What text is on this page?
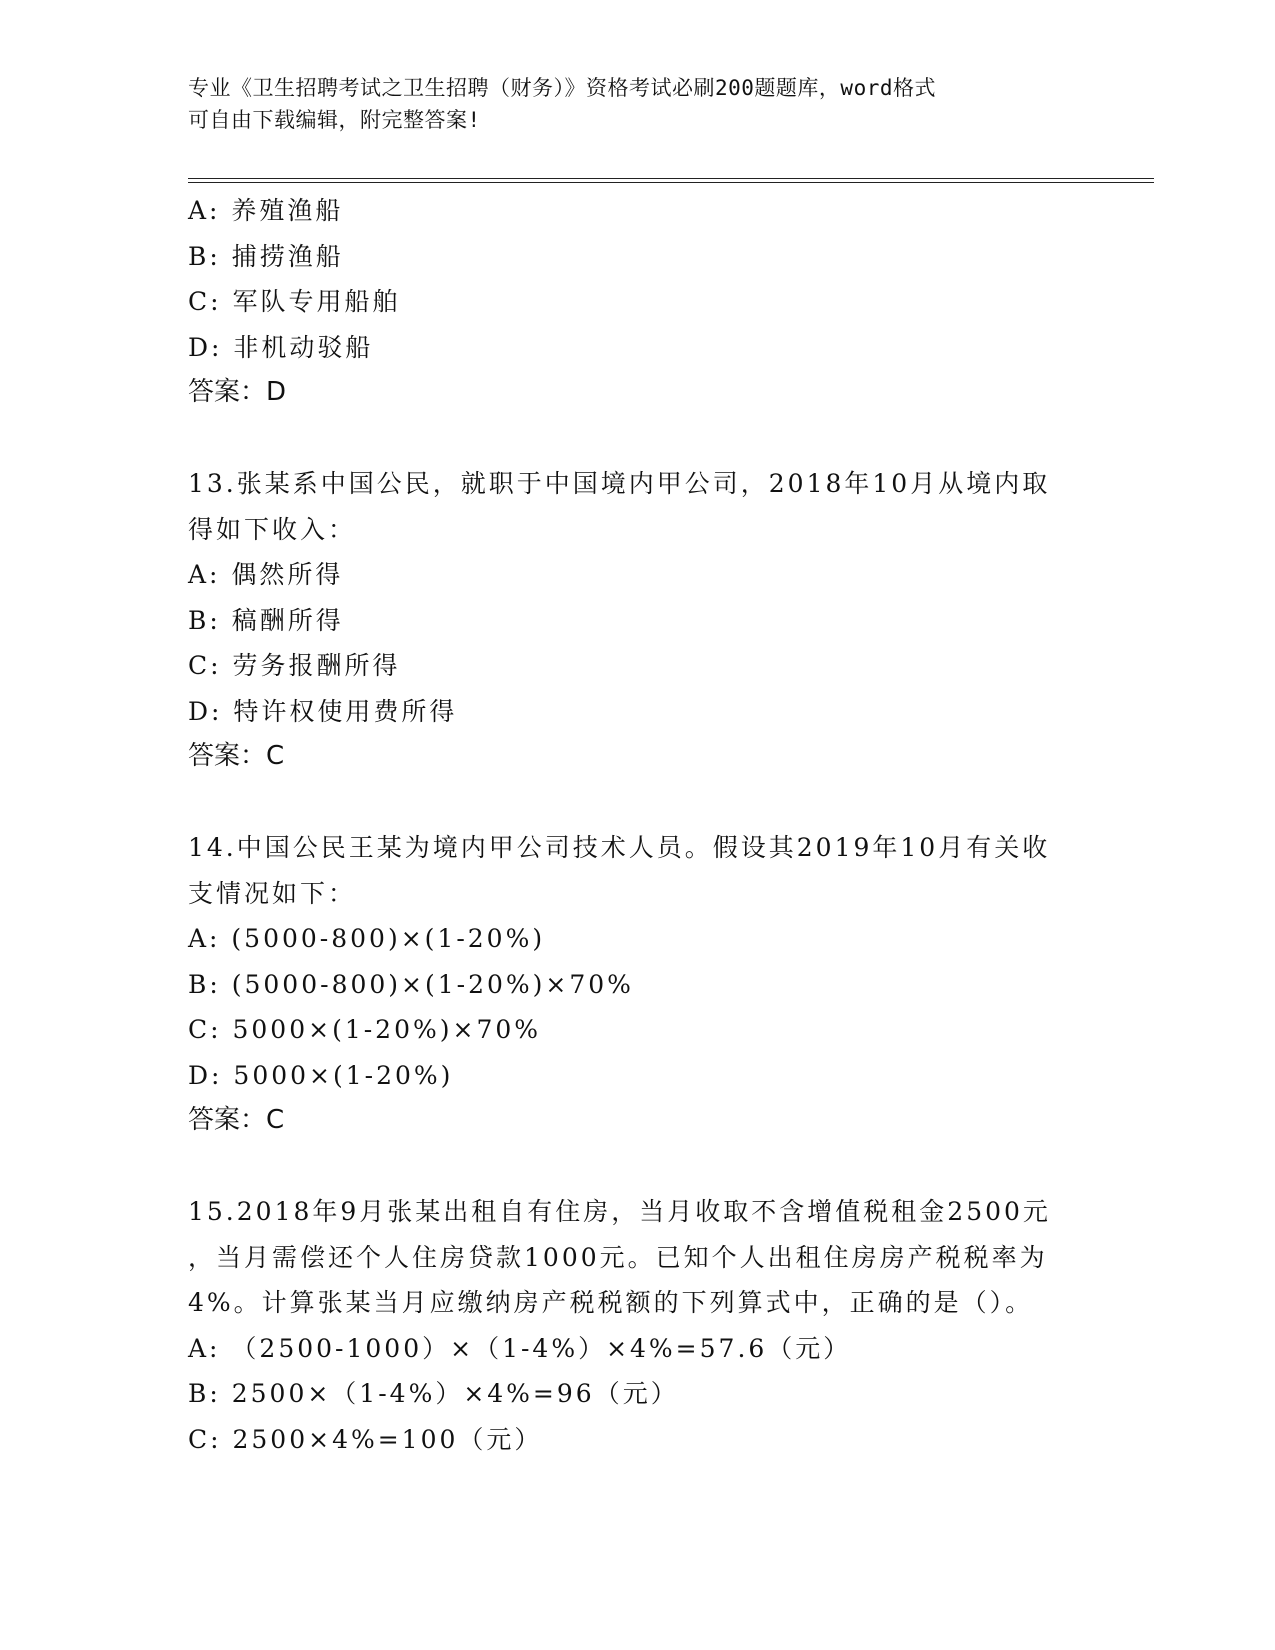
专业《卫生招聘考试之卫生招聘（财务）》资格考试必刷200题题库，word格式
可自由下载编辑，附完整答案!
A: 养殖渔船
B: 捕捞渔船
C: 军队专用船舶
D: 非机动驳船
答案：D
13.张某系中国公民，就职于中国境内甲公司，2018年10月从境内取
得如下收入：
A: 偶然所得
B: 稿酬所得
C: 劳务报酬所得
D: 特许权使用费所得
答案：C
14.中国公民王某为境内甲公司技术人员。假设其2019年10月有关收
支情况如下：
A: (5000-800)×(1-20%)
B: (5000-800)×(1-20%)×70%
C: 5000×(1-20%)×70%
D: 5000×(1-20%)
答案：C
15.2018年9月张某出租自有住房，当月收取不含增值税租金2500元
，当月需偿还个人住房贷款1000元。已知个人出租住房房产税税率为
4%。计算张某当月应缴纳房产税税额的下列算式中，正确的是（）。
A: （2500-1000）×（1-4%）×4%=57.6（元）
B: 2500×（1-4%）×4%=96（元）
C: 2500×4%=100（元）
